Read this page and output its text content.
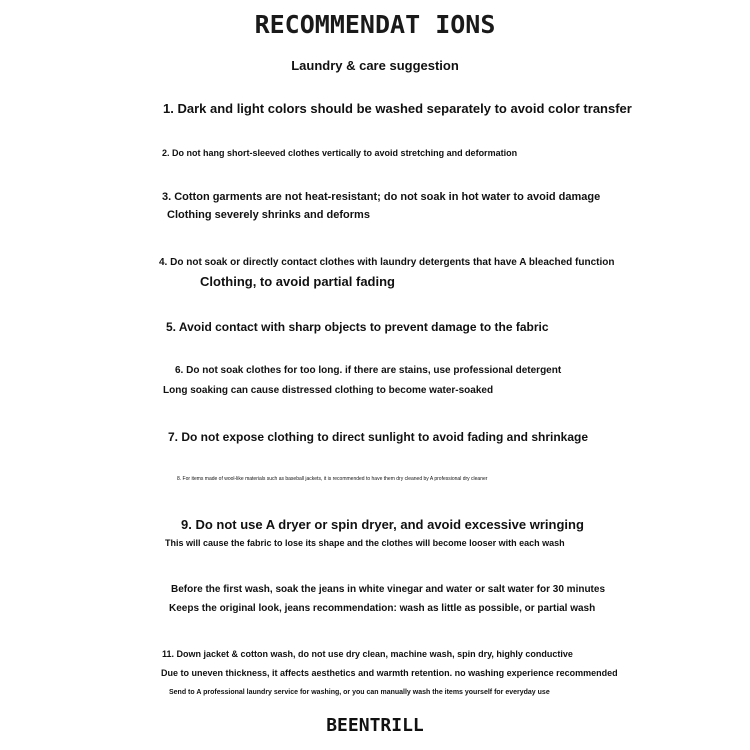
RECOMMENDAT IONS
Laundry & care suggestion
1. Dark and light colors should be washed separately to avoid color transfer
2. Do not hang short-sleeved clothes vertically to avoid stretching and deformation
3. Cotton garments are not heat-resistant; do not soak in hot water to avoid damage
Clothing severely shrinks and deforms
4. Do not soak or directly contact clothes with laundry detergents that have A bleached function
Clothing, to avoid partial fading
5. Avoid contact with sharp objects to prevent damage to the fabric
6. Do not soak clothes for too long. if there are stains, use professional detergent
Long soaking can cause distressed clothing to become water-soaked
7. Do not expose clothing to direct sunlight to avoid fading and shrinkage
8. For items made of wool-like materials such as baseball jackets, it is recommended to have them dry cleaned by A professional dry cleaner
9. Do not use A dryer or spin dryer, and avoid excessive wringing
This will cause the fabric to lose its shape and the clothes will become looser with each wash
Before the first wash, soak the jeans in white vinegar and water or salt water for 30 minutes
Keeps the original look, jeans recommendation: wash as little as possible, or partial wash
11. Down jacket & cotton wash, do not use dry clean, machine wash, spin dry, highly conductive
Due to uneven thickness, it affects aesthetics and warmth retention. no washing experience recommended
Send to A professional laundry service for washing, or you can manually wash the items yourself for everyday use
BEENTRILL
